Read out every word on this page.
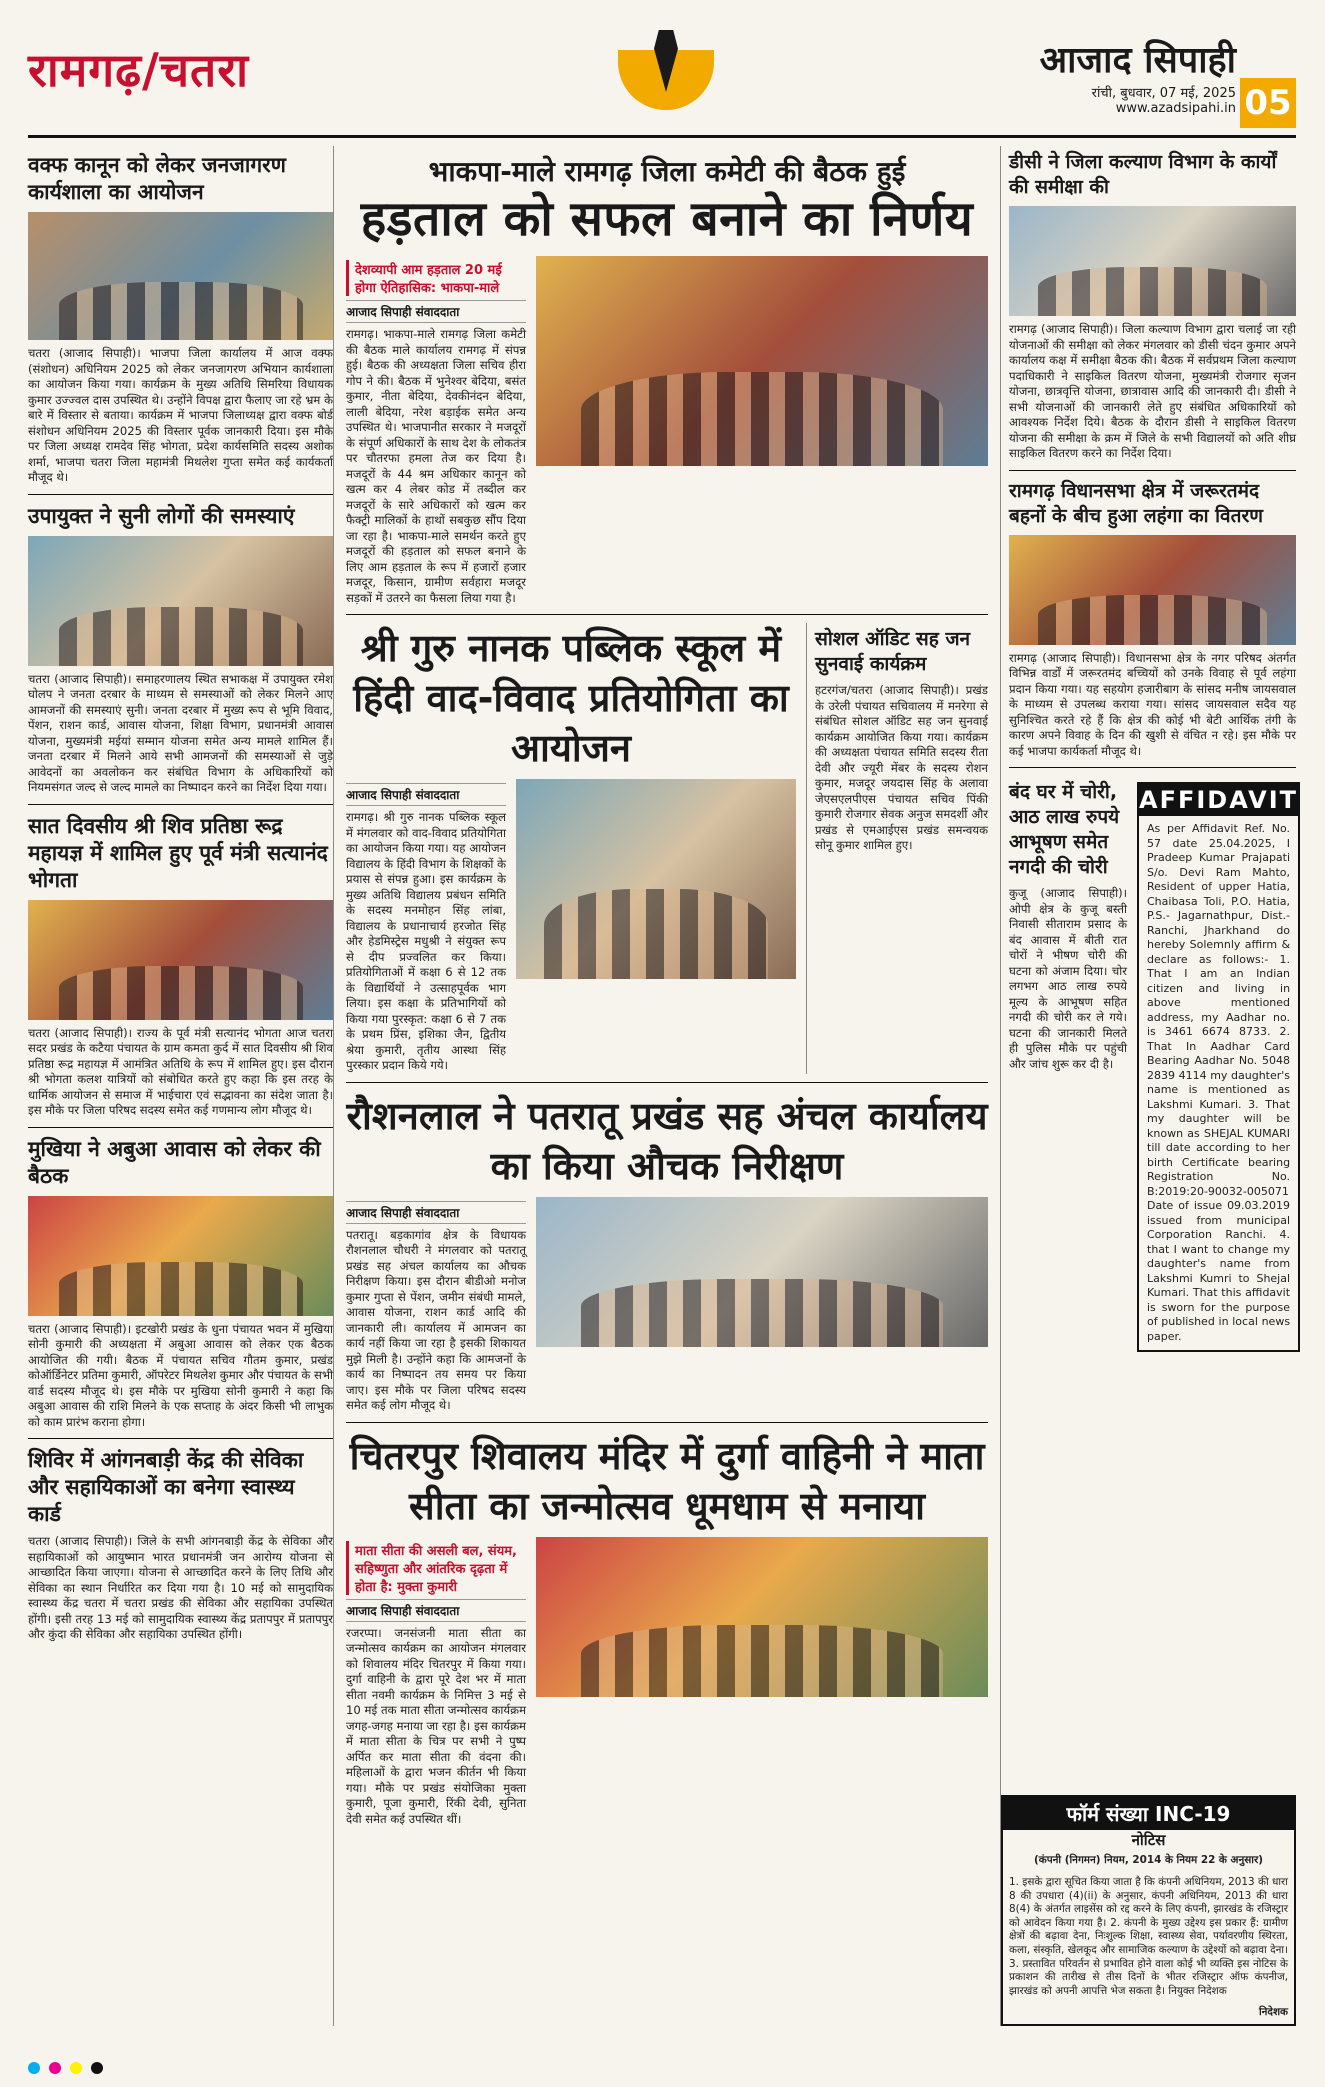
रामगढ़/चतरा	आजाद सिपाही
रांची, बुधवार, 07 मई, 2025
www.azadsipahi.in 05
वक्फ कानून को लेकर जनजागरण कार्यशाला का आयोजन

चतरा (आजाद सिपाही)। भाजपा जिला कार्यालय में आज वक्फ (संशोधन) अधिनियम 2025 को लेकर जनजागरण अभियान कार्यशाला का आयोजन किया गया। कार्यक्रम के मुख्य अतिथि सिमरिया विधायक कुमार उज्ज्वल दास उपस्थित थे। उन्होंने विपक्ष द्वारा फैलाए जा रहे भ्रम के बारे में विस्तार से बताया। कार्यक्रम में भाजपा जिलाध्यक्ष द्वारा वक्फ बोर्ड संशोधन अधिनियम 2025 की विस्तार पूर्वक जानकारी दिया। इस मौके पर जिला अध्यक्ष रामदेव सिंह भोगता, प्रदेश कार्यसमिति सदस्य अशोक शर्मा, भाजपा चतरा जिला महामंत्री मिथलेश गुप्ता समेत कई कार्यकर्ता मौजूद थे।

उपायुक्त ने सुनी लोगों की समस्याएं

चतरा (आजाद सिपाही)। समाहरणालय स्थित सभाकक्ष में उपायुक्त रमेश घोलप ने जनता दरबार के माध्यम से समस्याओं को लेकर मिलने आए आमजनों की समस्याएं सुनी। जनता दरबार में मुख्य रूप से भूमि विवाद, पेंशन, राशन कार्ड, आवास योजना, शिक्षा विभाग, प्रधानमंत्री आवास योजना, मुख्यमंत्री मईयां सम्मान योजना समेत अन्य मामले शामिल हैं। जनता दरबार में मिलने आये सभी आमजनों की समस्याओं से जुड़े आवेदनों का अवलोकन कर संबंधित विभाग के अधिकारियों को नियमसंगत जल्द से जल्द मामले का निष्पादन करने का निर्देश दिया गया।

सात दिवसीय श्री शिव प्रतिष्ठा रूद्र महायज्ञ में शामिल हुए पूर्व मंत्री सत्यानंद भोगता

चतरा (आजाद सिपाही)। राज्य के पूर्व मंत्री सत्यानंद भोगता आज चतरा सदर प्रखंड के कटैया पंचायत के ग्राम कमता कुर्द में सात दिवसीय श्री शिव प्रतिष्ठा रूद्र महायज्ञ में आमंत्रित अतिथि के रूप में शामिल हुए। इस दौरान श्री भोगता कलश यात्रियों को संबोधित करते हुए कहा कि इस तरह के धार्मिक आयोजन से समाज में भाईचारा एवं सद्भावना का संदेश जाता है। इस मौके पर जिला परिषद सदस्य समेत कई गणमान्य लोग मौजूद थे।

मुखिया ने अबुआ आवास को लेकर की बैठक

चतरा (आजाद सिपाही)। इटखोरी प्रखंड के धुना पंचायत भवन में मुखिया सोनी कुमारी की अध्यक्षता में अबुआ आवास को लेकर एक बैठक आयोजित की गयी। बैठक में पंचायत सचिव गौतम कुमार, प्रखंड कोऑर्डिनेटर प्रतिमा कुमारी, ऑपरेटर मिथलेश कुमार और पंचायत के सभी वार्ड सदस्य मौजूद थे। इस मौके पर मुखिया सोनी कुमारी ने कहा कि अबुआ आवास की राशि मिलने के एक सप्ताह के अंदर किसी भी लाभुक को काम प्रारंभ कराना होगा।

शिविर में आंगनबाड़ी केंद्र की सेविका और सहायिकाओं का बनेगा स्वास्थ्य कार्ड

चतरा (आजाद सिपाही)। जिले के सभी आंगनबाड़ी केंद्र के सेविका और सहायिकाओं को आयुष्मान भारत प्रधानमंत्री जन आरोग्य योजना से आच्छादित किया जाएगा। योजना से आच्छादित करने के लिए तिथि और सेविका का स्थान निर्धारित कर दिया गया है। 10 मई को सामुदायिक स्वास्थ्य केंद्र चतरा में चतरा प्रखंड की सेविका और सहायिका उपस्थित होंगी। इसी तरह 13 मई को सामुदायिक स्वास्थ्य केंद्र प्रतापपुर में प्रतापपुर और कुंदा की सेविका और सहायिका उपस्थित होंगी।

भाकपा-माले रामगढ़ जिला कमेटी की बैठक हुई
हड़ताल को सफल बनाने का निर्णय
देशव्यापी आम हड़ताल 20 मई होगा ऐतिहासिक: भाकपा-माले
आजाद सिपाही संवाददाता

रामगढ़। भाकपा-माले रामगढ़ जिला कमेटी की बैठक माले कार्यालय रामगढ़ में संपन्न हुई। बैठक की अध्यक्षता जिला सचिव हीरा गोप ने की। बैठक में भुनेश्वर बेदिया, बसंत कुमार, नीता बेदिया, देवकीनंदन बेदिया, लाली बेदिया, नरेश बड़ाईक समेत अन्य उपस्थित थे। भाजपानीत सरकार ने मजदूरों के संपूर्ण अधिकारों के साथ देश के लोकतंत्र पर चौतरफा हमला तेज कर दिया है। मजदूरों के 44 श्रम अधिकार कानून को खत्म कर 4 लेबर कोड में तब्दील कर मजदूरों के सारे अधिकारों को खत्म कर फैक्ट्री मालिकों के हाथों सबकुछ सौंप दिया जा रहा है। भाकपा-माले समर्थन करते हुए मजदूरों की हड़ताल को सफल बनाने के लिए आम हड़ताल के रूप में हजारों हजार मजदूर, किसान, ग्रामीण सर्वहारा मजदूर सड़कों में उतरने का फैसला लिया गया है।

श्री गुरु नानक पब्लिक स्कूल में हिंदी वाद-विवाद प्रतियोगिता का आयोजन
आजाद सिपाही संवाददाता

रामगढ़। श्री गुरु नानक पब्लिक स्कूल में मंगलवार को वाद-विवाद प्रतियोगिता का आयोजन किया गया। यह आयोजन विद्यालय के हिंदी विभाग के शिक्षकों के प्रयास से संपन्न हुआ। इस कार्यक्रम के मुख्य अतिथि विद्यालय प्रबंधन समिति के सदस्य मनमोहन सिंह लांबा, विद्यालय के प्रधानाचार्य हरजोत सिंह और हेडमिस्ट्रेस मधुश्री ने संयुक्त रूप से दीप प्रज्वलित कर किया। प्रतियोगिताओं में कक्षा 6 से 12 तक के विद्यार्थियों ने उत्साहपूर्वक भाग लिया। इस कक्षा के प्रतिभागियों को किया गया पुरस्कृत: कक्षा 6 से 7 तक के प्रथम प्रिंस, इशिका जैन, द्वितीय श्रेया कुमारी, तृतीय आस्था सिंह पुरस्कार प्रदान किये गये।

सोशल ऑडिट सह जन सुनवाई कार्यक्रम

हटरगंज/चतरा (आजाद सिपाही)। प्रखंड के उरेली पंचायत सचिवालय में मनरेगा से संबंधित सोशल ऑडिट सह जन सुनवाई कार्यक्रम आयोजित किया गया। कार्यक्रम की अध्यक्षता पंचायत समिति सदस्य रीता देवी और ज्यूरी मेंबर के सदस्य रोशन कुमार, मजदूर जयदास सिंह के अलावा जेएसएलपीएस पंचायत सचिव पिंकी कुमारी रोजगार सेवक अनुज समदर्शी और प्रखंड से एमआईएस प्रखंड समन्वयक सोनू कुमार शामिल हुए।

रौशनलाल ने पतरातू प्रखंड सह अंचल कार्यालय का किया औचक निरीक्षण
आजाद सिपाही संवाददाता

पतरातू। बड़कागांव क्षेत्र के विधायक रौशनलाल चौधरी ने मंगलवार को पतरातू प्रखंड सह अंचल कार्यालय का औचक निरीक्षण किया। इस दौरान बीडीओ मनोज कुमार गुप्ता से पेंशन, जमीन संबंधी मामले, आवास योजना, राशन कार्ड आदि की जानकारी ली। कार्यालय में आमजन का कार्य नहीं किया जा रहा है इसकी शिकायत मुझे मिली है। उन्होंने कहा कि आमजनों के कार्य का निष्पादन तय समय पर किया जाए। इस मौके पर जिला परिषद सदस्य समेत कई लोग मौजूद थे।

चितरपुर शिवालय मंदिर में दुर्गा वाहिनी ने माता सीता का जन्मोत्सव धूमधाम से मनाया
माता सीता की असली बल, संयम, सहिष्णुता और आंतरिक दृढ़ता में होता है: मुक्ता कुमारी
आजाद सिपाही संवाददाता

रजरप्पा। जनसंजनी माता सीता का जन्मोत्सव कार्यक्रम का आयोजन मंगलवार को शिवालय मंदिर चितरपुर में किया गया। दुर्गा वाहिनी के द्वारा पूरे देश भर में माता सीता नवमी कार्यक्रम के निमित्त 3 मई से 10 मई तक माता सीता जन्मोत्सव कार्यक्रम जगह-जगह मनाया जा रहा है। इस कार्यक्रम में माता सीता के चित्र पर सभी ने पुष्प अर्पित कर माता सीता की वंदना की। महिलाओं के द्वारा भजन कीर्तन भी किया गया। मौके पर प्रखंड संयोजिका मुक्ता कुमारी, पूजा कुमारी, रिंकी देवी, सुनिता देवी समेत कई उपस्थित थीं।

डीसी ने जिला कल्याण विभाग के कार्यों की समीक्षा की

रामगढ़ (आजाद सिपाही)। जिला कल्याण विभाग द्वारा चलाई जा रही योजनाओं की समीक्षा को लेकर मंगलवार को डीसी चंदन कुमार अपने कार्यालय कक्ष में समीक्षा बैठक की। बैठक में सर्वप्रथम जिला कल्याण पदाधिकारी ने साइकिल वितरण योजना, मुख्यमंत्री रोजगार सृजन योजना, छात्रवृत्ति योजना, छात्रावास आदि की जानकारी दी। डीसी ने सभी योजनाओं की जानकारी लेते हुए संबंधित अधिकारियों को आवश्यक निर्देश दिये। बैठक के दौरान डीसी ने साइकिल वितरण योजना की समीक्षा के क्रम में जिले के सभी विद्यालयों को अति शीघ्र साइकिल वितरण करने का निर्देश दिया।

रामगढ़ विधानसभा क्षेत्र में जरूरतमंद बहनों के बीच हुआ लहंगा का वितरण

रामगढ़ (आजाद सिपाही)। विधानसभा क्षेत्र के नगर परिषद अंतर्गत विभिन्न वार्डों में जरूरतमंद बच्चियों को उनके विवाह से पूर्व लहंगा प्रदान किया गया। यह सहयोग हजारीबाग के सांसद मनीष जायसवाल के माध्यम से उपलब्ध कराया गया। सांसद जायसवाल सदैव यह सुनिश्चित करते रहे हैं कि क्षेत्र की कोई भी बेटी आर्थिक तंगी के कारण अपने विवाह के दिन की खुशी से वंचित न रहे। इस मौके पर कई भाजपा कार्यकर्ता मौजूद थे।

बंद घर में चोरी, आठ लाख रुपये आभूषण समेत नगदी की चोरी

कुजू (आजाद सिपाही)। ओपी क्षेत्र के कुजू बस्ती निवासी सीताराम प्रसाद के बंद आवास में बीती रात चोरों ने भीषण चोरी की घटना को अंजाम दिया। चोर लगभग आठ लाख रुपये मूल्य के आभूषण सहित नगदी की चोरी कर ले गये। घटना की जानकारी मिलते ही पुलिस मौके पर पहुंची और जांच शुरू कर दी है।

AFFIDAVIT

As per Affidavit Ref. No. 57 date 25.04.2025, I Pradeep Kumar Prajapati S/o. Devi Ram Mahto, Resident of upper Hatia, Chaibasa Toli, P.O. Hatia, P.S.- Jagarnathpur, Dist.- Ranchi, Jharkhand do hereby Solemnly affirm & declare as follows:- 1. That I am an Indian citizen and living in above mentioned address, my Aadhar no. is 3461 6674 8733. 2. That In Aadhar Card Bearing Aadhar No. 5048 2839 4114 my daughter's name is mentioned as Lakshmi Kumari. 3. That my daughter will be known as SHEJAL KUMARI till date according to her birth Certificate bearing Registration No. B:2019:20-90032-005071 Date of issue 09.03.2019 issued from municipal Corporation Ranchi. 4. that I want to change my daughter's name from Lakshmi Kumri to Shejal Kumari. That this affidavit is sworn for the purpose of published in local news paper.

फॉर्म संख्या INC-19
नोटिस
(कंपनी (निगमन) नियम, 2014 के नियम 22 के अनुसार)

1. इसके द्वारा सूचित किया जाता है कि कंपनी अधिनियम, 2013 की धारा 8 की उपधारा (4)(ii) के अनुसार, कंपनी अधिनियम, 2013 की धारा 8(4) के अंतर्गत लाइसेंस को रद्द करने के लिए कंपनी, झारखंड के रजिस्ट्रार को आवेदन किया गया है। 2. कंपनी के मुख्य उद्देश्य इस प्रकार हैं: ग्रामीण क्षेत्रों की बढ़ावा देना, निःशुल्क शिक्षा, स्वास्थ्य सेवा, पर्यावरणीय स्थिरता, कला, संस्कृति, खेलकूद और सामाजिक कल्याण के उद्देश्यों को बढ़ावा देना। 3. प्रस्तावित परिवर्तन से प्रभावित होने वाला कोई भी व्यक्ति इस नोटिस के प्रकाशन की तारीख से तीस दिनों के भीतर रजिस्ट्रार ऑफ कंपनीज, झारखंड को अपनी आपत्ति भेज सकता है। नियुक्त निदेशक

निदेशक
